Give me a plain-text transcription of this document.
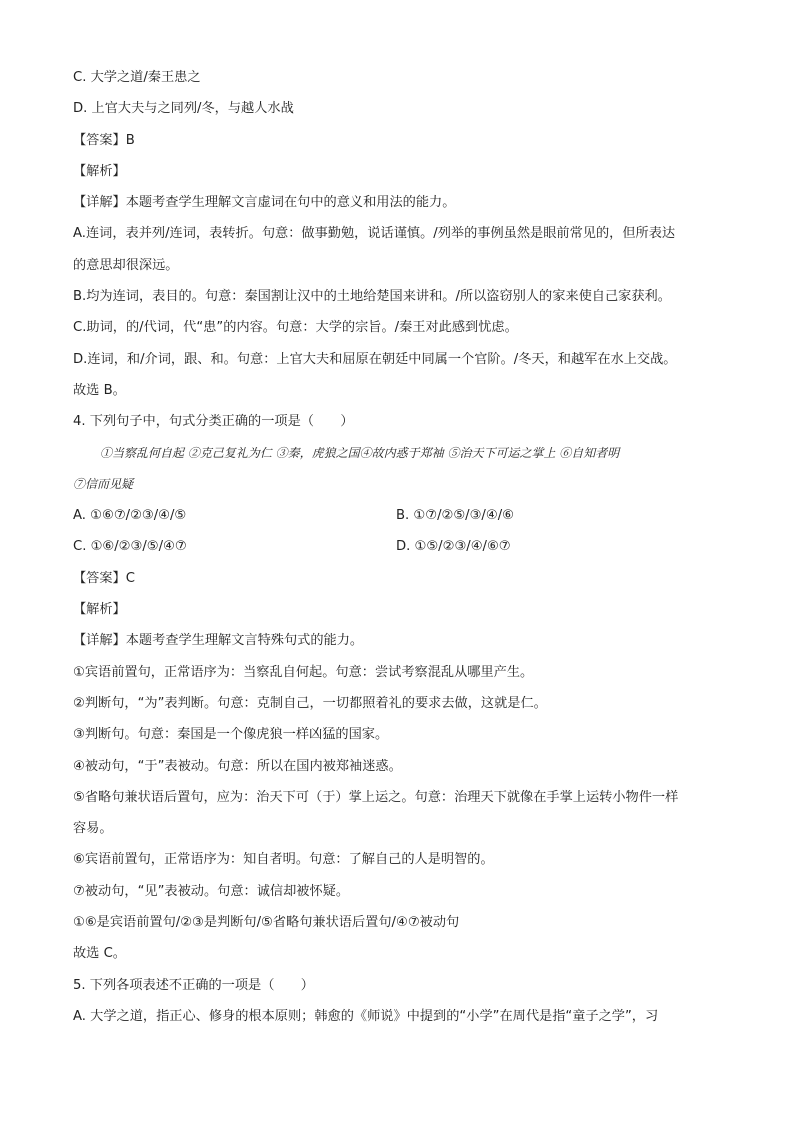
C. 大学之道/秦王患之
D. 上官大夫与之同列/冬，与越人水战
【答案】B
【解析】
【详解】本题考查学生理解文言虚词在句中的意义和用法的能力。
A.连词，表并列/连词，表转折。句意：做事勤勉，说话谨慎。/列举的事例虽然是眼前常见的，但所表达
的意思却很深远。
B.均为连词，表目的。句意：秦国割让汉中的土地给楚国来讲和。/所以盗窃别人的家来使自己家获利。
C.助词，的/代词，代“患”的内容。句意：大学的宗旨。/秦王对此感到忧虑。
D.连词，和/介词，跟、和。句意：上官大夫和屈原在朝廷中同属一个官阶。/冬天，和越军在水上交战。
故选 B。
4. 下列句子中，句式分类正确的一项是（　　）
①当察乱何自起 ②克己复礼为仁 ③秦，虎狼之国④故内惑于郑袖 ⑤治天下可运之掌上 ⑥自知者明
⑦信而见疑
A. ①⑥⑦/②③/④/⑤	B. ①⑦/②⑤/③/④/⑥
C. ①⑥/②③/⑤/④⑦	D. ①⑤/②③/④/⑥⑦
【答案】C
【解析】
【详解】本题考查学生理解文言特殊句式的能力。
①宾语前置句，正常语序为：当察乱自何起。句意：尝试考察混乱从哪里产生。
②判断句，“为”表判断。句意：克制自己，一切都照着礼的要求去做，这就是仁。
③判断句。句意：秦国是一个像虎狼一样凶猛的国家。
④被动句，“于”表被动。句意：所以在国内被郑袖迷惑。
⑤省略句兼状语后置句，应为：治天下可（于）掌上运之。句意：治理天下就像在手掌上运转小物件一样
容易。
⑥宾语前置句，正常语序为：知自者明。句意：了解自己的人是明智的。
⑦被动句，“见”表被动。句意：诚信却被怀疑。
①⑥是宾语前置句/②③是判断句/⑤省略句兼状语后置句/④⑦被动句
故选 C。
5. 下列各项表述不正确的一项是（　　）
A. 大学之道，指正心、修身的根本原则；韩愈的《师说》中提到的“小学”在周代是指“童子之学”，习
